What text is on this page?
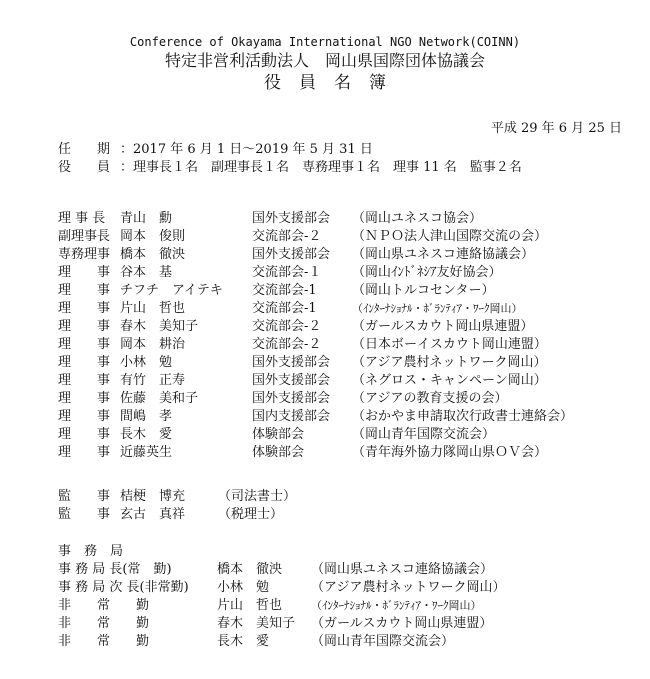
Conference of Okayama International NGO Network(COINN)
特定非営利活動法人　岡山県国際団体協議会
役員名簿
平成 29 年 6 月 25 日
任　　期 ：2017 年 6 月 1 日～2019 年 5 月 31 日
役　　員 ：理事長１名　副理事長１名　専務理事１名　理事 11 名　監事２名
理 事 長 青山　勳	国外支援部会 （岡山ユネスコ協会）
副理事長 岡本　俊則	交流部会-２ （ＮＰＯ法人津山国際交流の会）
専務理事 橋本　徹泱	国外支援部会 （岡山県ユネスコ連絡協議会）
理　　事 谷本　基	交流部会-１ （岡山ｲﾝﾄﾞﾈｼｱ友好協会）
理　　事 チフチ　アイテキ 交流部会-1	（岡山トルコセンター）
理　　事 片山　哲也	交流部会-1	（ｲﾝﾀｰﾅｼｮﾅﾙ・ﾎﾞﾗﾝﾃｨｱ・ﾜｰｸ岡山）
理　　事 春木　美知子	交流部会-２ （ガールスカウト岡山県連盟）
理　　事 岡本　耕治	交流部会-２ （日本ボーイスカウト岡山連盟）
理　　事 小林　勉	国外支援部会 （アジア農村ネットワーク岡山）
理　　事 有竹　正寿	国外支援部会 （ネグロス・キャンペーン岡山）
理　　事 佐藤　美和子	国外支援部会 （アジアの教育支援の会）
理　　事 間嶋　孝	国内支援部会 （おかやま申請取次行政書士連絡会）
理　　事 長木　愛	体験部会	（岡山青年国際交流会）
理　　事 近藤英生	体験部会	（青年海外協力隊岡山県ＯＶ会）
監　　事 桔梗　博充	（司法書士）
監　　事 玄古　真祥	（税理士）
事　務　局
事 務 局 長(常　勤)	橋本　徹泱 （岡山県ユネスコ連絡協議会）
事 務 局 次 長(非常勤) 小林　勉	（アジア農村ネットワーク岡山）
非　　常　　勤	片山　哲也	（ｲﾝﾀｰﾅｼｮﾅﾙ・ﾎﾞﾗﾝﾃｨｱ・ﾜｰｸ岡山）
非　　常　　勤	春木　美知子 （ガールスカウト岡山県連盟）
非　　常　　勤	長木　愛	（岡山青年国際交流会）
